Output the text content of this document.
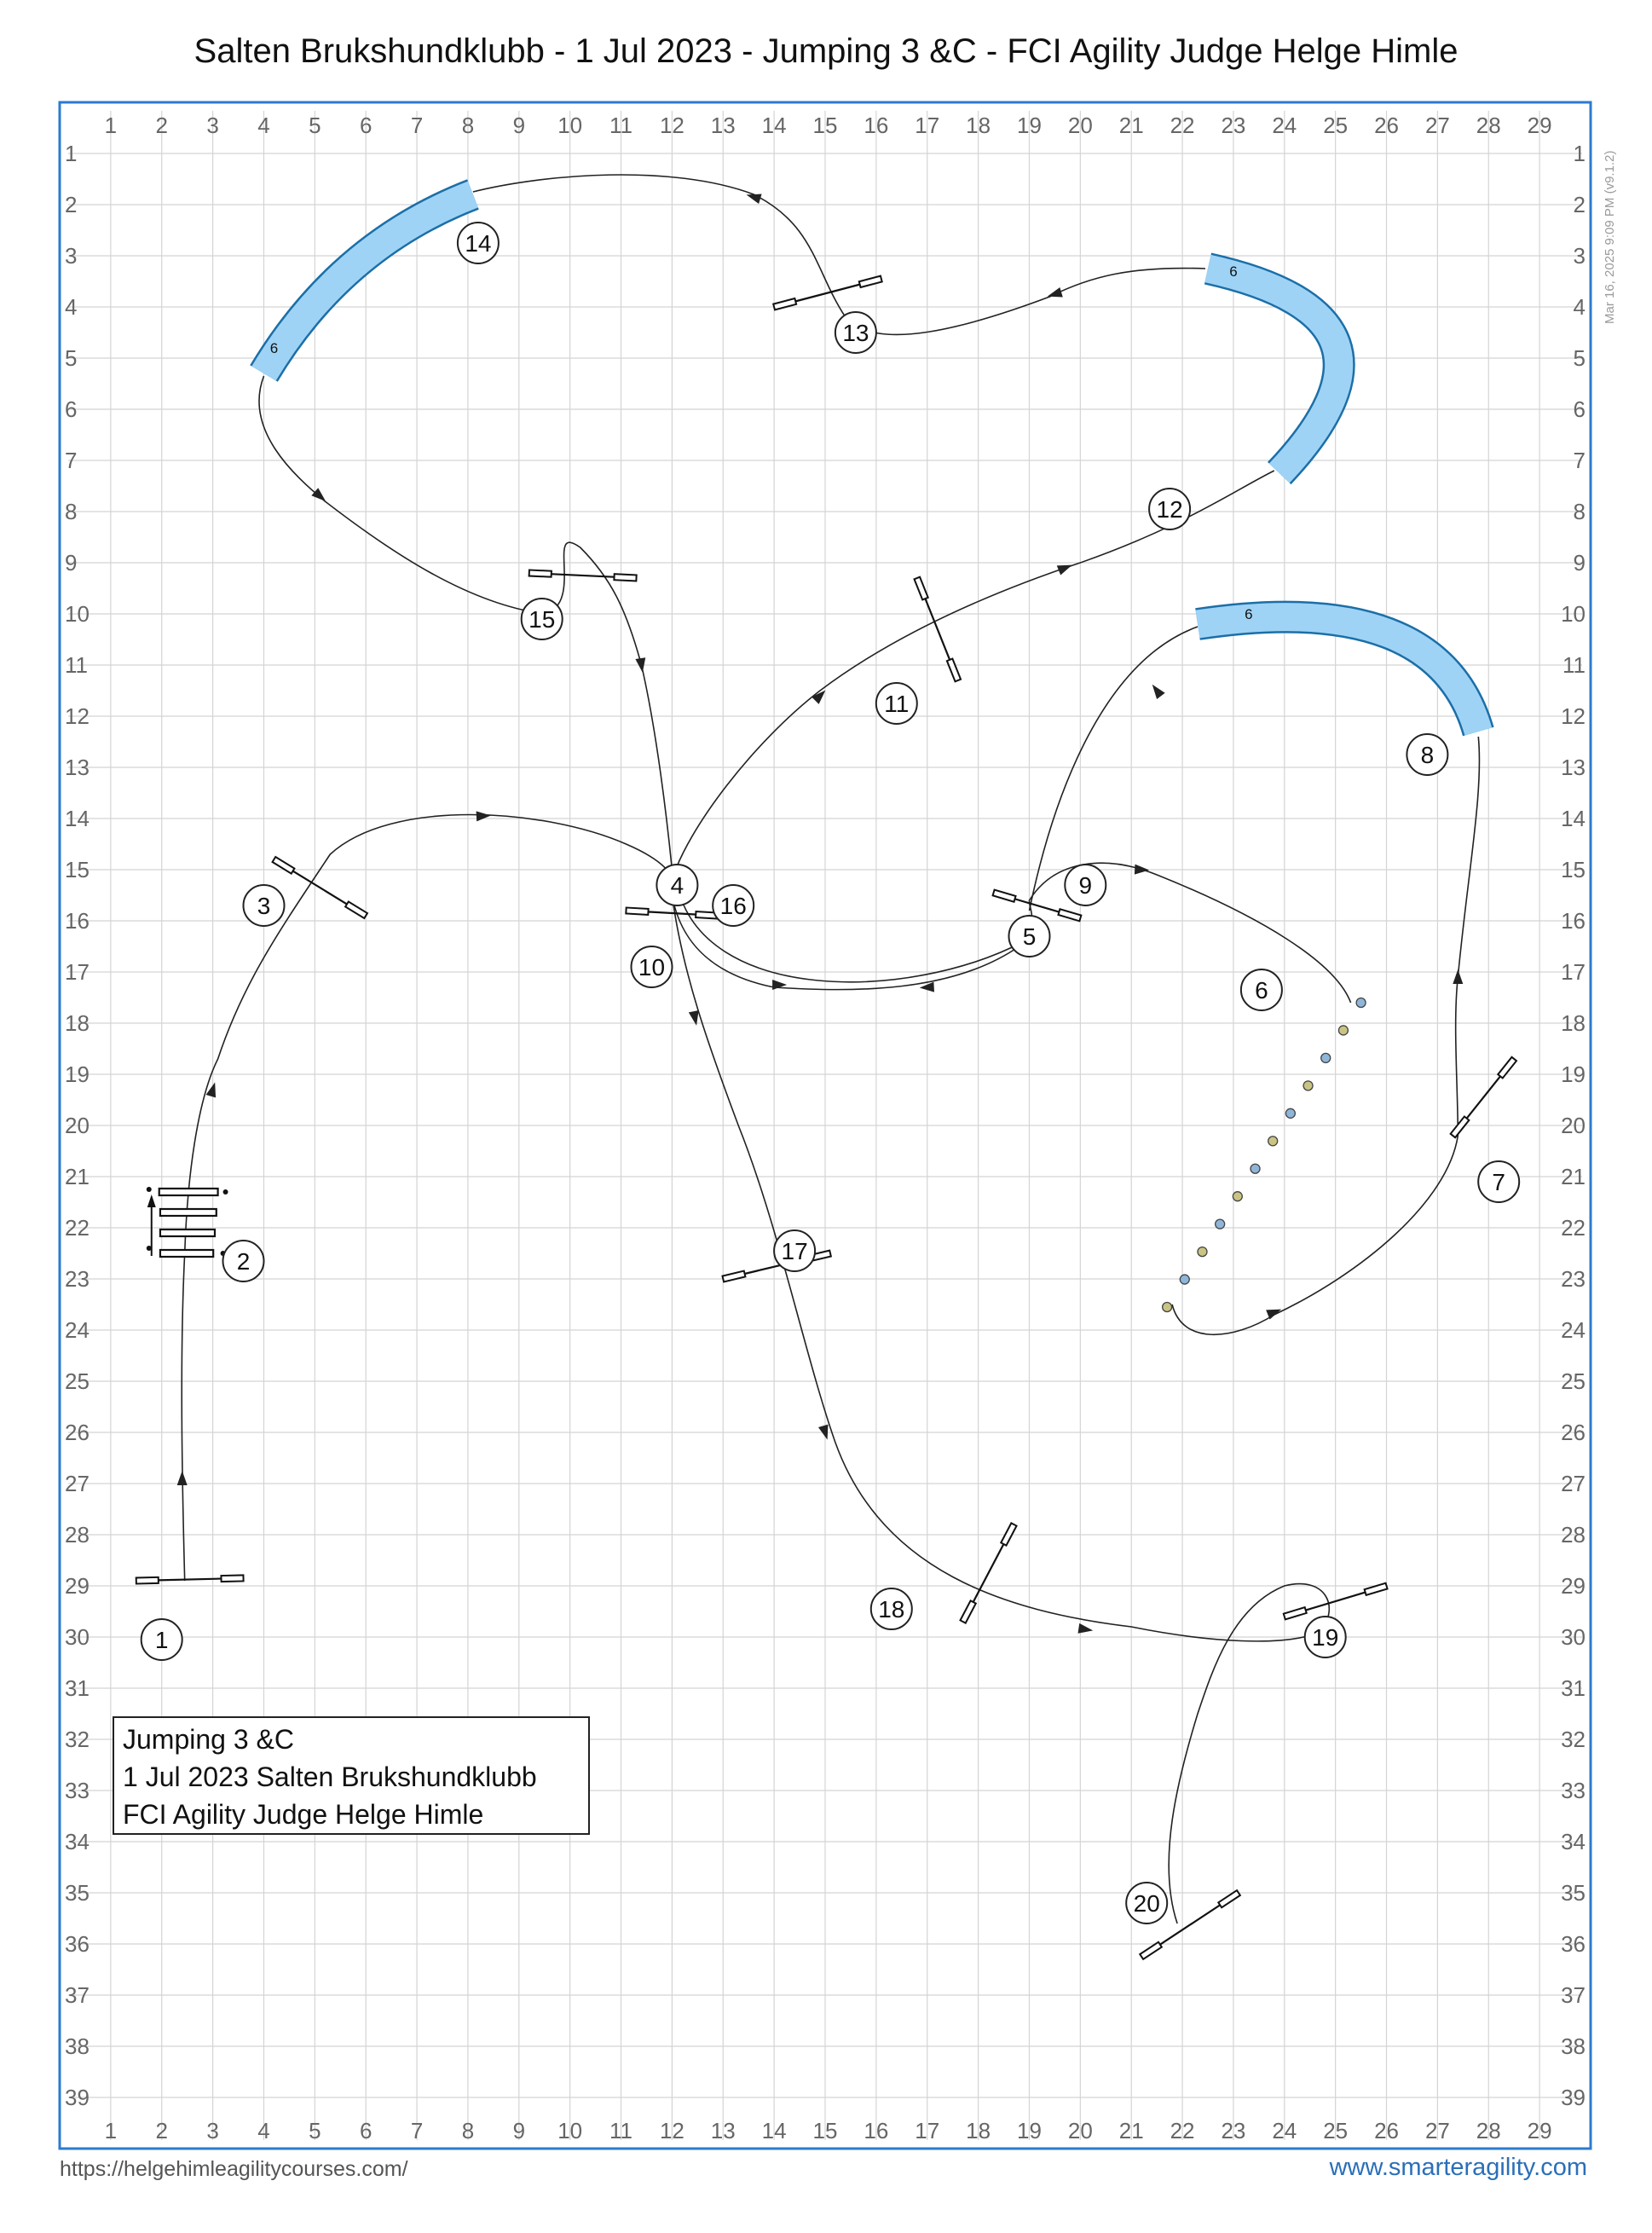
Salten Brukshundklubb - 1 Jul 2023 - Jumping 3 &C - FCI Agility Judge Helge Himle
1
1
2
2
3
3
4
4
5
5
6
6
7
7
8
8
9
9
10
10
11
11
12
12
13
13
14
14
15
15
16
16
17
17
18
18
19
19
20
20
21
21
22
22
23
23
24
24
25
25
26
26
27
27
28
28
29
29
1	1
2	2
3	3
4	4
5	5
6	6
7	7
8	8
9	9
10	10
11	11
12	12
13	13
14	14
15	15
16	16
17	17
18	18
19	19
20	20
21	21
22	22
23	23
24	24
25	25
26	26
27	27
28	28
29	29
30	30
31	31
32	32
33	33
34	34
35	35
36	36
37	37
38	38
39	39
6
6
6
1
2
3
4
5
6
7
8
9
10
11
12
13
14
15
16
17
18
19
20
Jumping 3 &C
1 Jul 2023 Salten Brukshundklubb
FCI Agility Judge Helge Himle
Mar 16, 2025 9:09 PM (v9.1.2)
https://helgehimleagilitycourses.com/	www.smarteragility.com
